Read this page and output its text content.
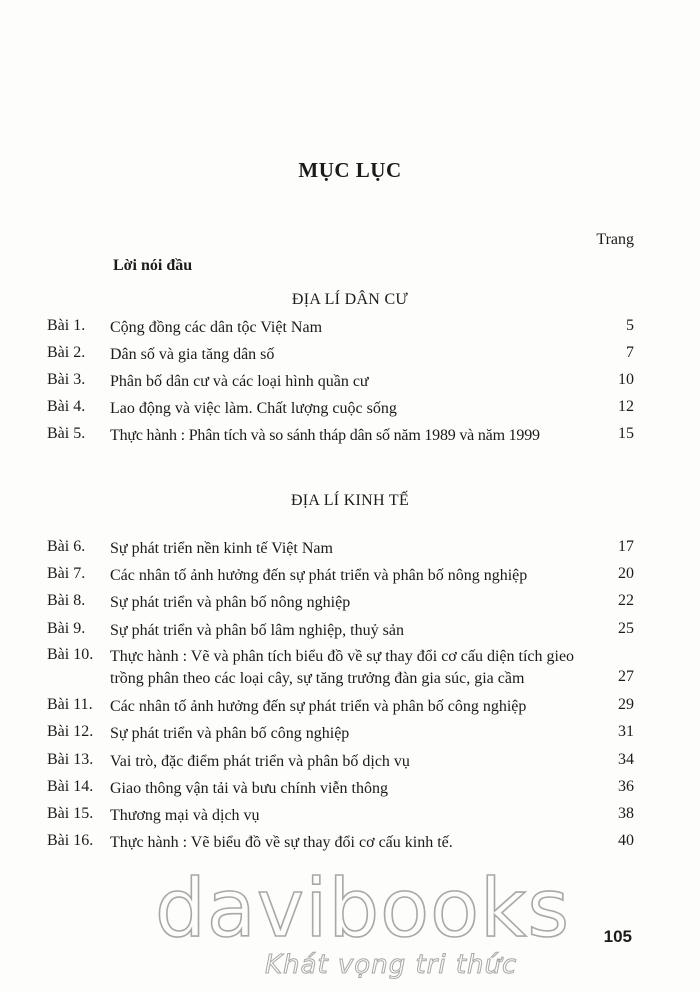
MỤC LỤC
Trang
Lời nói đầu
ĐỊA LÍ DÂN CƯ
Bài 1. Cộng đồng các dân tộc Việt Nam	5
Bài 2. Dân số và gia tăng dân số	7
Bài 3. Phân bố dân cư và các loại hình quần cư	10
Bài 4. Lao động và việc làm. Chất lượng cuộc sống	12
Bài 5. Thực hành : Phân tích và so sánh tháp dân số năm 1989 và năm 1999	15
ĐỊA LÍ KINH TẾ
Bài 6. Sự phát triển nền kinh tế Việt Nam	17
Bài 7. Các nhân tố ảnh hưởng đến sự phát triển và phân bố nông nghiệp	20
Bài 8. Sự phát triển và phân bố nông nghiệp	22
Bài 9. Sự phát triển và phân bố lâm nghiệp, thuỷ sản	25
Bài 10. Thực hành : Vẽ và phân tích biểu đồ về sự thay đổi cơ cấu diện tích gieo trồng phân theo các loại cây, sự tăng trưởng đàn gia súc, gia cầm	27
Bài 11. Các nhân tố ảnh hưởng đến sự phát triển và phân bố công nghiệp	29
Bài 12. Sự phát triển và phân bố công nghiệp	31
Bài 13. Vai trò, đặc điểm phát triển và phân bố dịch vụ	34
Bài 14. Giao thông vận tải và bưu chính viễn thông	36
Bài 15. Thương mại và dịch vụ	38
Bài 16. Thực hành : Vẽ biểu đồ về sự thay đổi cơ cấu kinh tế.	40
davibooks
Khát vọng tri thức
105
